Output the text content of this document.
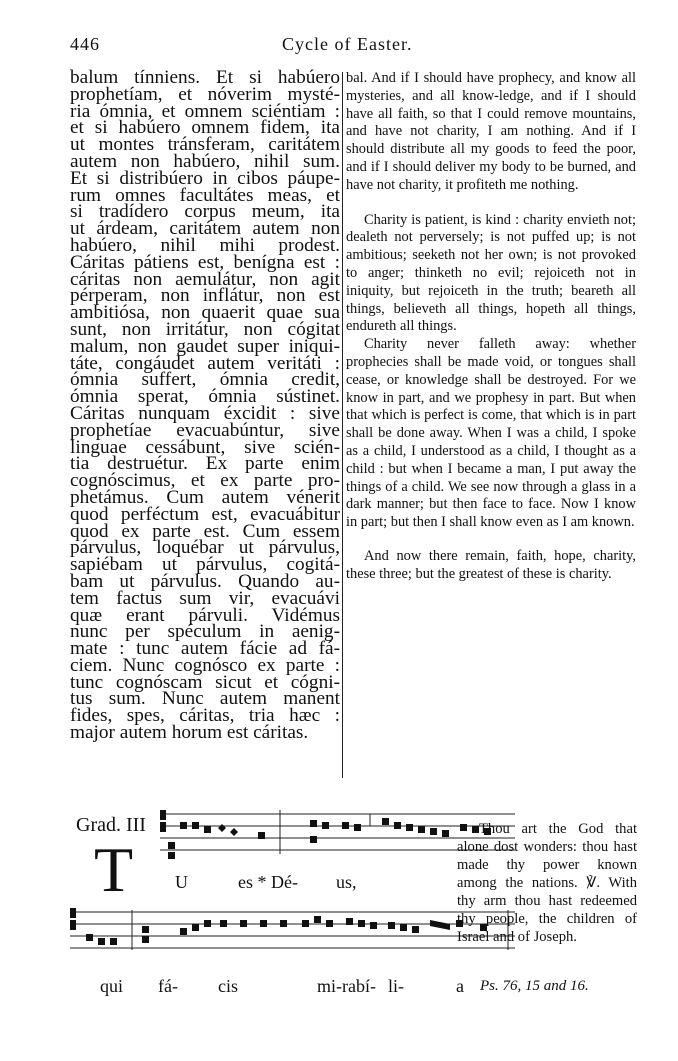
446	Cycle of Easter.
balum tínniens. Et si habúero
prophetíam, et nóverim mysté-
ria ómnia, et omnem sciéntiam :
et si habúero omnem fidem, ita
ut montes tránsferam, caritátem
autem non habúero, nihil sum.
Et si distribúero in cibos páupe-
rum omnes facultátes meas, et
si tradídero corpus meum, ita
ut árdeam, caritátem autem non
habúero, nihil mihi prodest.
Cáritas pátiens est, benígna est :
cáritas non aemulátur, non agit
pérperam, non inflátur, non est
ambitiósa, non quaerit quae sua
sunt, non irritátur, non cógitat
malum, non gaudet super iniqui-
táte, congáudet autem veritáti :
ómnia suffert, ómnia credit,
ómnia sperat, ómnia sústinet.
Cáritas nunquam éxcidit : sive
prophetíae evacuabúntur, sive
linguae cessábunt, sive scién-
tia destruétur. Ex parte enim
cognóscimus, et ex parte pro-
phetámus. Cum autem vénerit
quod perféctum est, evacuábitur
quod ex parte est. Cum essem
párvulus, loquébar ut párvulus,
sapiébam ut párvulus, cogitá-
bam ut párvulus. Quando au-
tem factus sum vir, evacuávi
quæ erant párvuli. Vidémus
nunc per spéculum in aenig-
mate : tunc autem fácie ad fá-
ciem. Nunc cognósco ex parte :
tunc cognóscam sicut et cógni-
tus sum. Nunc autem manent
fides, spes, cáritas, tria hæc :
major autem horum est cáritas.

bal. And if I should have prophecy, and know all mysteries, and all know-ledge, and if I should have all faith, so that I could remove mountains, and have not charity, I am nothing. And if I should distribute all my goods to feed the poor, and if I should deliver my body to be burned, and have not charity, it profiteth me nothing.

Charity is patient, is kind : charity envieth not; dealeth not perversely; is not puffed up; is not ambitious; seeketh not her own; is not provoked to anger; thinketh no evil; rejoiceth not in iniquity, but rejoiceth in the truth; beareth all things, believeth all things, hopeth all things, endureth all things.

Charity never falleth away: whether prophecies shall be made void, or tongues shall cease, or knowledge shall be destroyed. For we know in part, and we prophesy in part. But when that which is perfect is come, that which is in part shall be done away. When I was a child, I spoke as a child, I understood as a child, I thought as a child : but when I became a man, I put away the things of a child. We see now through a glass in a dark manner; but then face to face. Now I know in part; but then I shall know even as I am known.

And now there remain, faith, hope, charity, these three; but the greatest of these is charity.

Grad. III
T U	es * Dé- us,
qui fá- cis	mi-rabí- li-	a
Thou art the God that alone dost wonders: thou hast made thy power known among the nations. ℣. With thy arm thou hast redeemed thy people, the children of Israel and of Joseph.
Ps. 76, 15 and 16.
